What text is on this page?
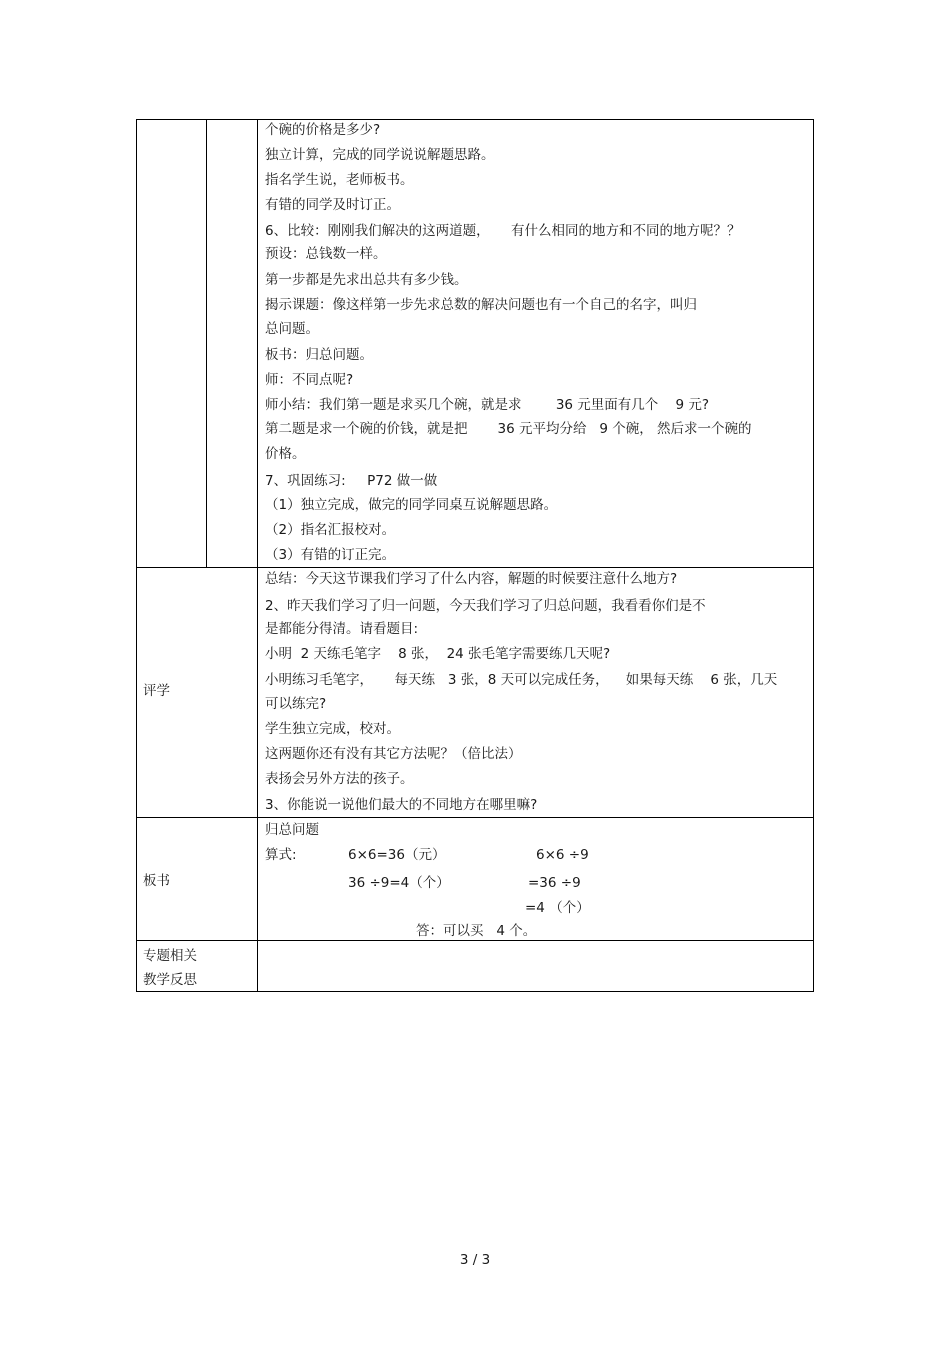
个碗的价格是多少?
独立计算，完成的同学说说解题思路。
指名学生说，老师板书。
有错的同学及时订正。
6、比较：刚刚我们解决的这两道题，     有什么相同的地方和不同的地方呢？？
预设：总钱数一样。
第一步都是先求出总共有多少钱。
揭示课题：像这样第一步先求总数的解决问题也有一个自己的名字，叫归
总问题。
板书：归总问题。
师：不同点呢?
师小结：我们第一题是求买几个碗，就是求        36 元里面有几个    9 元?
第二题是求一个碗的价钱，就是把       36 元平均分给   9 个碗， 然后求一个碗的
价格。
7、巩固练习:     P72 做一做
（1）独立完成，做完的同学同桌互说解题思路。
（2）指名汇报校对。
（3）有错的订正完。
评学
总结：今天这节课我们学习了什么内容，解题的时候要注意什么地方?
2、昨天我们学习了归一问题，今天我们学习了归总问题，我看看你们是不
是都能分得清。请看题目:
小明  2 天练毛笔字    8 张，  24 张毛笔字需要练几天呢?
小明练习毛笔字，     每天练   3 张，8 天可以完成任务，    如果每天练    6 张，几天
可以练完?
学生独立完成，校对。
这两题你还有没有其它方法呢？（倍比法）
表扬会另外方法的孩子。
3、你能说一说他们最大的不同地方在哪里嘛?
板书
归总问题
算式:	6×6=36（元）
36 ÷9=4（个）
6×6 ÷9
=36 ÷9
=4 （个）
答：可以买   4 个。
专题相关
教学反思
3 / 3
